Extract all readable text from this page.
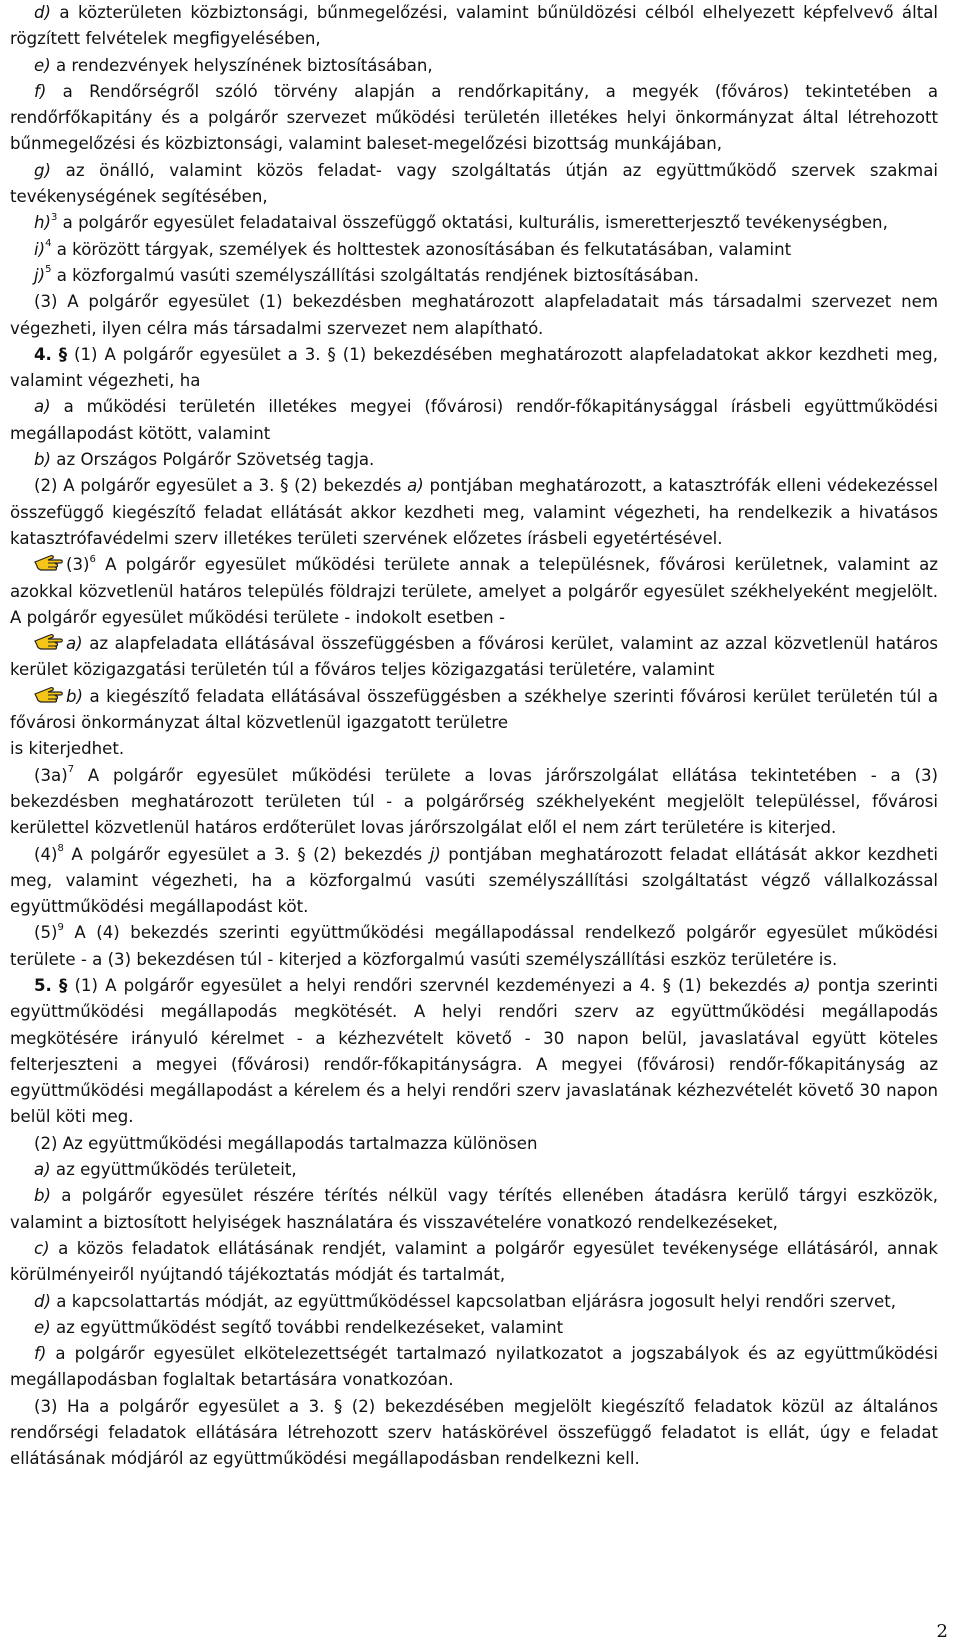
d) a közterületen közbiztonsági, bűnmegelőzési, valamint bűnüldözési célból elhelyezett képfelvevő által rögzített felvételek megfigyelésében,

e) a rendezvények helyszínének biztosításában,

f) a Rendőrségről szóló törvény alapján a rendőrkapitány, a megyék (főváros) tekintetében a rendőrfőkapitány és a polgárőr szervezet működési területén illetékes helyi önkormányzat által létrehozott bűnmegelőzési és közbiztonsági, valamint baleset-megelőzési bizottság munkájában,

g) az önálló, valamint közös feladat- vagy szolgáltatás útján az együttműködő szervek szakmai tevékenységének segítésében,

h)$^3$ a polgárőr egyesület feladataival összefüggő oktatási, kulturális, ismeretterjesztő tevékenységben,

i)$^4$ a körözött tárgyak, személyek és holttestek azonosításában és felkutatásában, valamint

j)$^5$ a közforgalmú vasúti személyszállítási szolgáltatás rendjének biztosításában.

(3) A polgárőr egyesület (1) bekezdésben meghatározott alapfeladatait más társadalmi szervezet nem végezheti, ilyen célra más társadalmi szervezet nem alapítható.

4. § (1) A polgárőr egyesület a 3. § (1) bekezdésében meghatározott alapfeladatokat akkor kezdheti meg, valamint végezheti, ha

a) a működési területén illetékes megyei (fővárosi) rendőr-főkapitánysággal írásbeli együttműködési megállapodást kötött, valamint

b) az Országos Polgárőr Szövetség tagja.

(2) A polgárőr egyesület a 3. § (2) bekezdés a) pontjában meghatározott, a katasztrófák elleni védekezéssel összefüggő kiegészítő feladat ellátását akkor kezdheti meg, valamint végezheti, ha rendelkezik a hivatásos katasztrófavédelmi szerv illetékes területi szervének előzetes írásbeli egyetértésével.

$(3)^6$ A polgárőr egyesület működési területe annak a településnek, fővárosi kerületnek, valamint az azokkal közvetlenül határos település földrajzi területe, amelyet a polgárőr egyesület székhelyeként megjelölt. A polgárőr egyesület működési területe - indokolt esetben -

a) az alapfeladata ellátásával összefüggésben a fővárosi kerület, valamint az azzal közvetlenül határos kerület közigazgatási területén túl a főváros teljes közigazgatási területére, valamint

b) a kiegészítő feladata ellátásával összefüggésben a székhelye szerinti fővárosi kerület területén túl a fővárosi önkormányzat által közvetlenül igazgatott területre

is kiterjedhet.

$(3a)^7$ A polgárőr egyesület működési területe a lovas járőrszolgálat ellátása tekintetében - a (3) bekezdésben meghatározott területen túl - a polgárőrség székhelyeként megjelölt településsel, fővárosi kerülettel közvetlenül határos erdőterület lovas járőrszolgálat elől el nem zárt területére is kiterjed.

$(4)^8$ A polgárőr egyesület a 3. § (2) bekezdés j) pontjában meghatározott feladat ellátását akkor kezdheti meg, valamint végezheti, ha a közforgalmú vasúti személyszállítási szolgáltatást végző vállalkozással együttműködési megállapodást köt.

$(5)^9$ A (4) bekezdés szerinti együttműködési megállapodással rendelkező polgárőr egyesület működési területe - a (3) bekezdésen túl - kiterjed a közforgalmú vasúti személyszállítási eszköz területére is.

5. § (1) A polgárőr egyesület a helyi rendőri szervnél kezdeményezi a 4. § (1) bekezdés a) pontja szerinti együttműködési megállapodás megkötését. A helyi rendőri szerv az együttműködési megállapodás megkötésére irányuló kérelmet - a kézhezvételt követő - 30 napon belül, javaslatával együtt köteles felterjeszteni a megyei (fővárosi) rendőr-főkapitányságra. A megyei (fővárosi) rendőr-főkapitányság az együttműködési megállapodást a kérelem és a helyi rendőri szerv javaslatának kézhezvételét követő 30 napon belül köti meg.

(2) Az együttműködési megállapodás tartalmazza különösen

a) az együttműködés területeit,

b) a polgárőr egyesület részére térítés nélkül vagy térítés ellenében átadásra kerülő tárgyi eszközök, valamint a biztosított helyiségek használatára és visszavételére vonatkozó rendelkezéseket,

c) a közös feladatok ellátásának rendjét, valamint a polgárőr egyesület tevékenysége ellátásáról, annak körülményeiről nyújtandó tájékoztatás módját és tartalmát,

d) a kapcsolattartás módját, az együttműködéssel kapcsolatban eljárásra jogosult helyi rendőri szervet,

e) az együttműködést segítő további rendelkezéseket, valamint

f) a polgárőr egyesület elkötelezettségét tartalmazó nyilatkozatot a jogszabályok és az együttműködési megállapodásban foglaltak betartására vonatkozóan.

(3) Ha a polgárőr egyesület a 3. § (2) bekezdésében megjelölt kiegészítő feladatok közül az általános rendőrségi feladatok ellátására létrehozott szerv hatáskörével összefüggő feladatot is ellát, úgy e feladat ellátásának módjáról az együttműködési megállapodásban rendelkezni kell.

2
